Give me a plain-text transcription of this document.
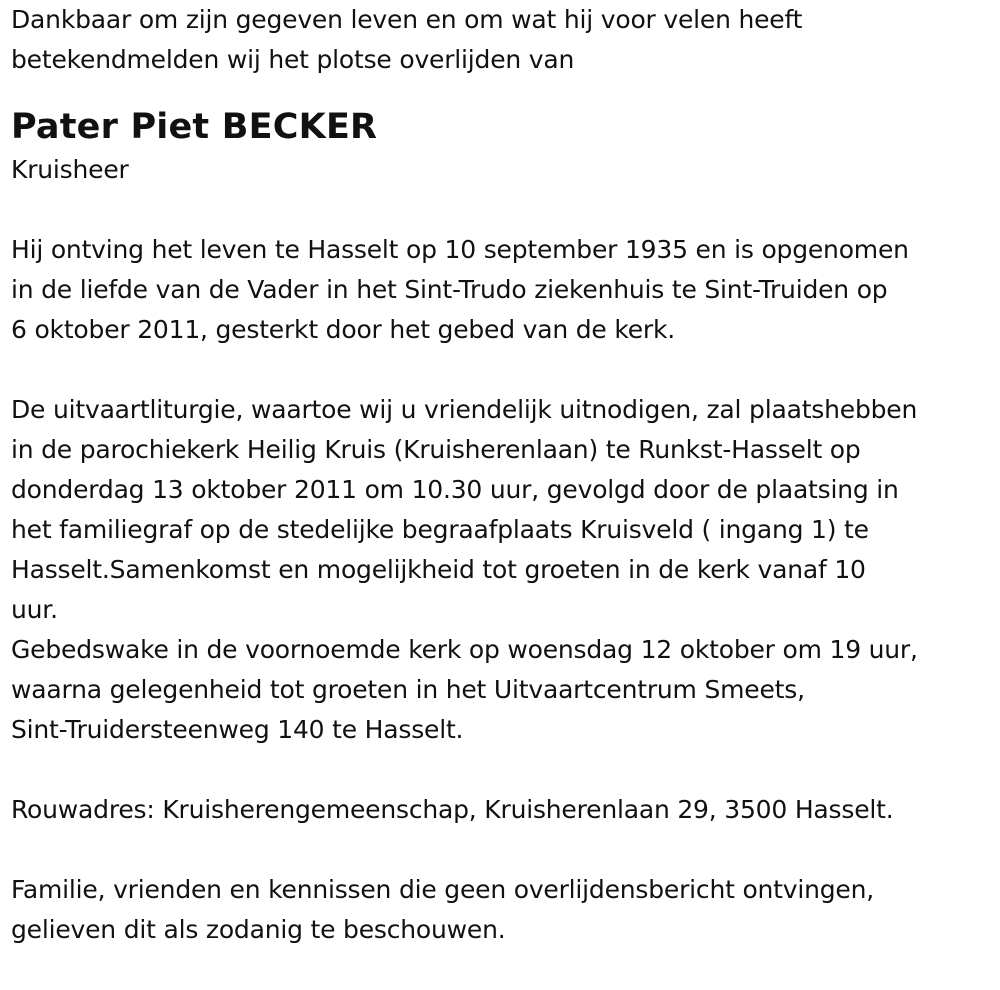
Dankbaar om zijn gegeven leven en om wat hij voor velen heeft
betekendmelden wij het plotse overlijden van
Pater Piet BECKER
Kruisheer
Hij ontving het leven te Hasselt op 10 september 1935 en is opgenomen
in de liefde van de Vader in het Sint-Trudo ziekenhuis te Sint-Truiden op
6 oktober 2011, gesterkt door het gebed van de kerk.
De uitvaartliturgie, waartoe wij u vriendelijk uitnodigen, zal plaatshebben
in de parochiekerk Heilig Kruis (Kruisherenlaan) te Runkst-Hasselt op
donderdag 13 oktober 2011 om 10.30 uur, gevolgd door de plaatsing in
het familiegraf op de stedelijke begraafplaats Kruisveld ( ingang 1) te
Hasselt.Samenkomst en mogelijkheid tot groeten in de kerk vanaf 10
uur.
Gebedswake in de voornoemde kerk op woensdag 12 oktober om 19 uur,
waarna gelegenheid tot groeten in het Uitvaartcentrum Smeets,
Sint-Truidersteenweg 140 te Hasselt.
Rouwadres: Kruisherengemeenschap, Kruisherenlaan 29, 3500 Hasselt.
Familie, vrienden en kennissen die geen overlijdensbericht ontvingen,
gelieven dit als zodanig te beschouwen.
